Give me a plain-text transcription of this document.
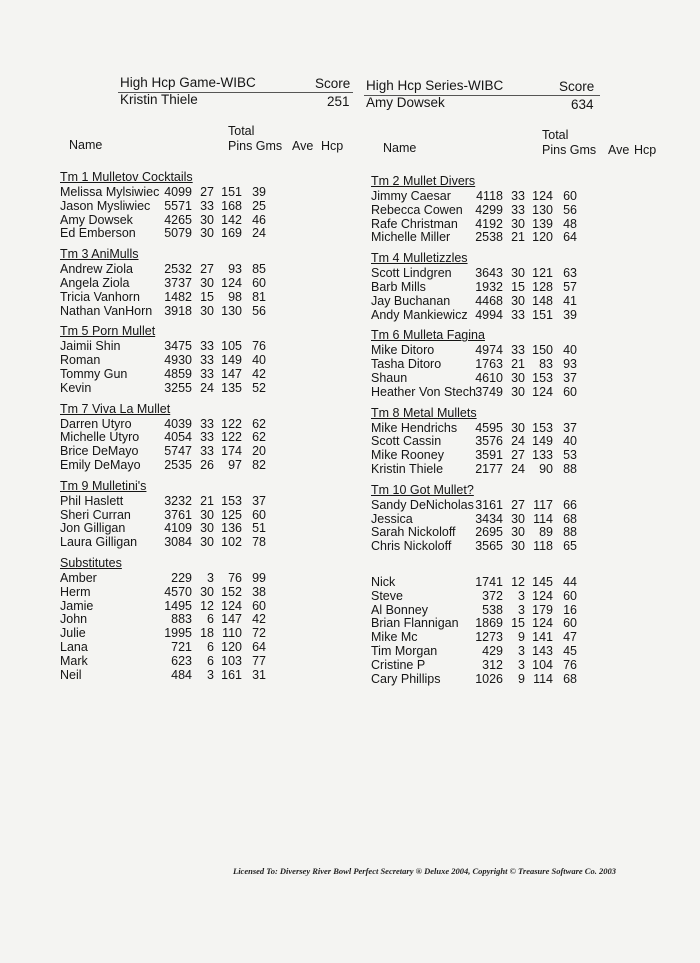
High Hcp Game-WIBC	Score
Kristin Thiele	251
High Hcp Series-WIBC	Score
Amy Dowsek	634
Name
Total
Pins Gms Ave Hcp
Tm 1 Mulletov Cocktails
Melissa Mylsiwiec 4099 27 151 39
Jason Mysliwiec 5571 33 168 25
Amy Dowsek	4265 30 142 46
Ed Emberson 5079 30 169 24
Tm 3 AniMulls
Andrew Ziola 2532 27 93 85
Angela Ziola	3737 30 124 60
Tricia Vanhorn 1482 15 98 81
Nathan VanHorn 3918 30 130 56
Tm 5 Porn Mullet
Jaimii Shin	3475 33 105 76
Roman	4930 33 149 40
Tommy Gun	4859 33 147 42
Kevin	3255 24 135 52
Tm 7 Viva La Mullet
Darren Utyro	4039 33 122 62
Michelle Utyro 4054 33 122 62
Brice DeMayo 5747 33 174 20
Emily DeMayo 2535 26 97 82
Tm 9 Mulletini's
Phil Haslett	3232 21 153 37
Sheri Curran	3761 30 125 60
Jon Gilligan	4109 30 136 51
Laura Gilligan 3084 30 102 78
Substitutes
Amber	229 3 76 99
Herm	4570 30 152 38
Jamie	1495 12 124 60
John	883 6 147 42
Julie	1995 18 110 72
Lana	721 6 120 64
Mark	623 6 103 77
Neil	484 3 161 31
Name
Total
Pins Gms Ave Hcp
Tm 2 Mullet Divers
Jimmy Caesar 4118 33 124 60
Rebecca Cowen 4299 33 130 56
Rafe Christman 4192 30 139 48
Michelle Miller 2538 21 120 64
Tm 4 Mulletizzles
Scott Lindgren 3643 30 121 63
Barb Mills	1932 15 128 57
Jay Buchanan 4468 30 148 41
Andy Mankiewicz 4994 33 151 39
Tm 6 Mulleta Fagina
Mike Ditoro	4974 33 150 40
Tasha Ditoro	1763 21 83 93
Shaun	4610 30 153 37
Heather Von Stech 3749 30 124 60
Tm 8 Metal Mullets
Mike Hendrichs 4595 30 153 37
Scott Cassin	3576 24 149 40
Mike Rooney 3591 27 133 53
Kristin Thiele	2177 24 90 88
Tm 10 Got Mullet?
Sandy DeNicholas 3161 27 117 66
Jessica	3434 30 114 68
Sarah Nickoloff 2695 30 89 88
Chris Nickoloff 3565 30 118 65
Nick	1741 12 145 44
Steve	372 3 124 60
Al Bonney	538 3 179 16
Brian Flannigan 1869 15 124 60
Mike Mc	1273 9 141 47
Tim Morgan	429 3 143 45
Cristine P	312 3 104 76
Cary Phillips	1026 9 114 68
Licensed To: Diversey River Bowl Perfect Secretary ® Deluxe 2004, Copyright © Treasure Software Co. 2003
